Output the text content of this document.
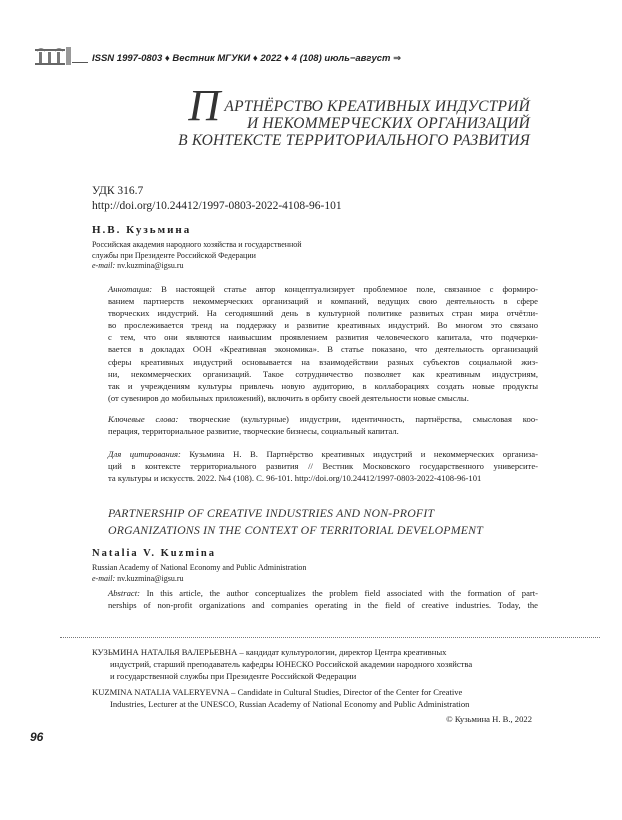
ISSN 1997-0803 ♦ Вестник МГУКИ ♦ 2022 ♦ 4 (108) июль−август ⇒
П АРТНЁРСТВО КРЕАТИВНЫХ ИНДУСТРИЙ
И НЕКОММЕРЧЕСКИХ ОРГАНИЗАЦИЙ
В КОНТЕКСТЕ ТЕРРИТОРИАЛЬНОГО РАЗВИТИЯ
УДК 316.7
http://doi.org/10.24412/1997-0803-2022-4108-96-101
Н.В. Кузьмина
Российская академия народного хозяйства и государственной
службы при Президенте Российской Федерации
e-mail: nv.kuzmina@igsu.ru
Аннотация: В настоящей статье автор концептуализирует проблемное поле, связанное с формиро-
ванием партнерств некоммерческих организаций и компаний, ведущих свою деятельность в сфере
творческих индустрий. На сегодняшний день в культурной политике развитых стран мира отчётли-
во прослеживается тренд на поддержку и развитие креативных индустрий. Во многом это связано
с тем, что они являются наивысшим проявлением развития человеческого капитала, что подчерки-
вается в докладах ООН «Креативная экономика». В статье показано, что деятельность организаций
сферы креативных индустрий основывается на взаимодействии разных субъектов социальной жиз-
ни, некоммерческих организаций. Такое сотрудничество позволяет как креативным индустриям,
так и учреждениям культуры привлечь новую аудиторию, в коллаборациях создать новые продукты
(от сувениров до мобильных приложений), включить в орбиту своей деятельности новые смыслы.
Ключевые слова: творческие (культурные) индустрии, идентичность, партнёрства, смысловая коо-
перация, территориальное развитие, творческие бизнесы, социальный капитал.
Для цитирования: Кузьмина Н. В. Партнёрство креативных индустрий и некоммерческих организа-
ций в контексте территориального развития // Вестник Московского государственного университе-
та культуры и искусств. 2022. №4 (108). С. 96-101. http://doi.org/10.24412/1997-0803-2022-4108-96-101
PARTNERSHIP OF CREATIVE INDUSTRIES AND NON-PROFIT
ORGANIZATIONS IN THE CONTEXT OF TERRITORIAL DEVELOPMENT
Natalia V. Kuzmina
Russian Academy of National Economy and Public Administration
e-mail: nv.kuzmina@igsu.ru
Abstract: In this article, the author conceptualizes the problem field associated with the formation of part-
nerships of non-profit organizations and companies operating in the field of creative industries. Today, the
КУЗЬМИНА НАТАЛЬЯ ВАЛЕРЬЕВНА – кандидат культурологии, директор Центра креативных
индустрий, старший преподаватель кафедры ЮНЕСКО Российской академии народного хозяйства
и государственной службы при Президенте Российской Федерации
KUZMINA NATALIA VALERYEVNA – Candidate in Cultural Studies, Director of the Center for Creative
Industries, Lecturer at the UNESCO, Russian Academy of National Economy and Public Administration
© Кузьмина Н. В., 2022
96
